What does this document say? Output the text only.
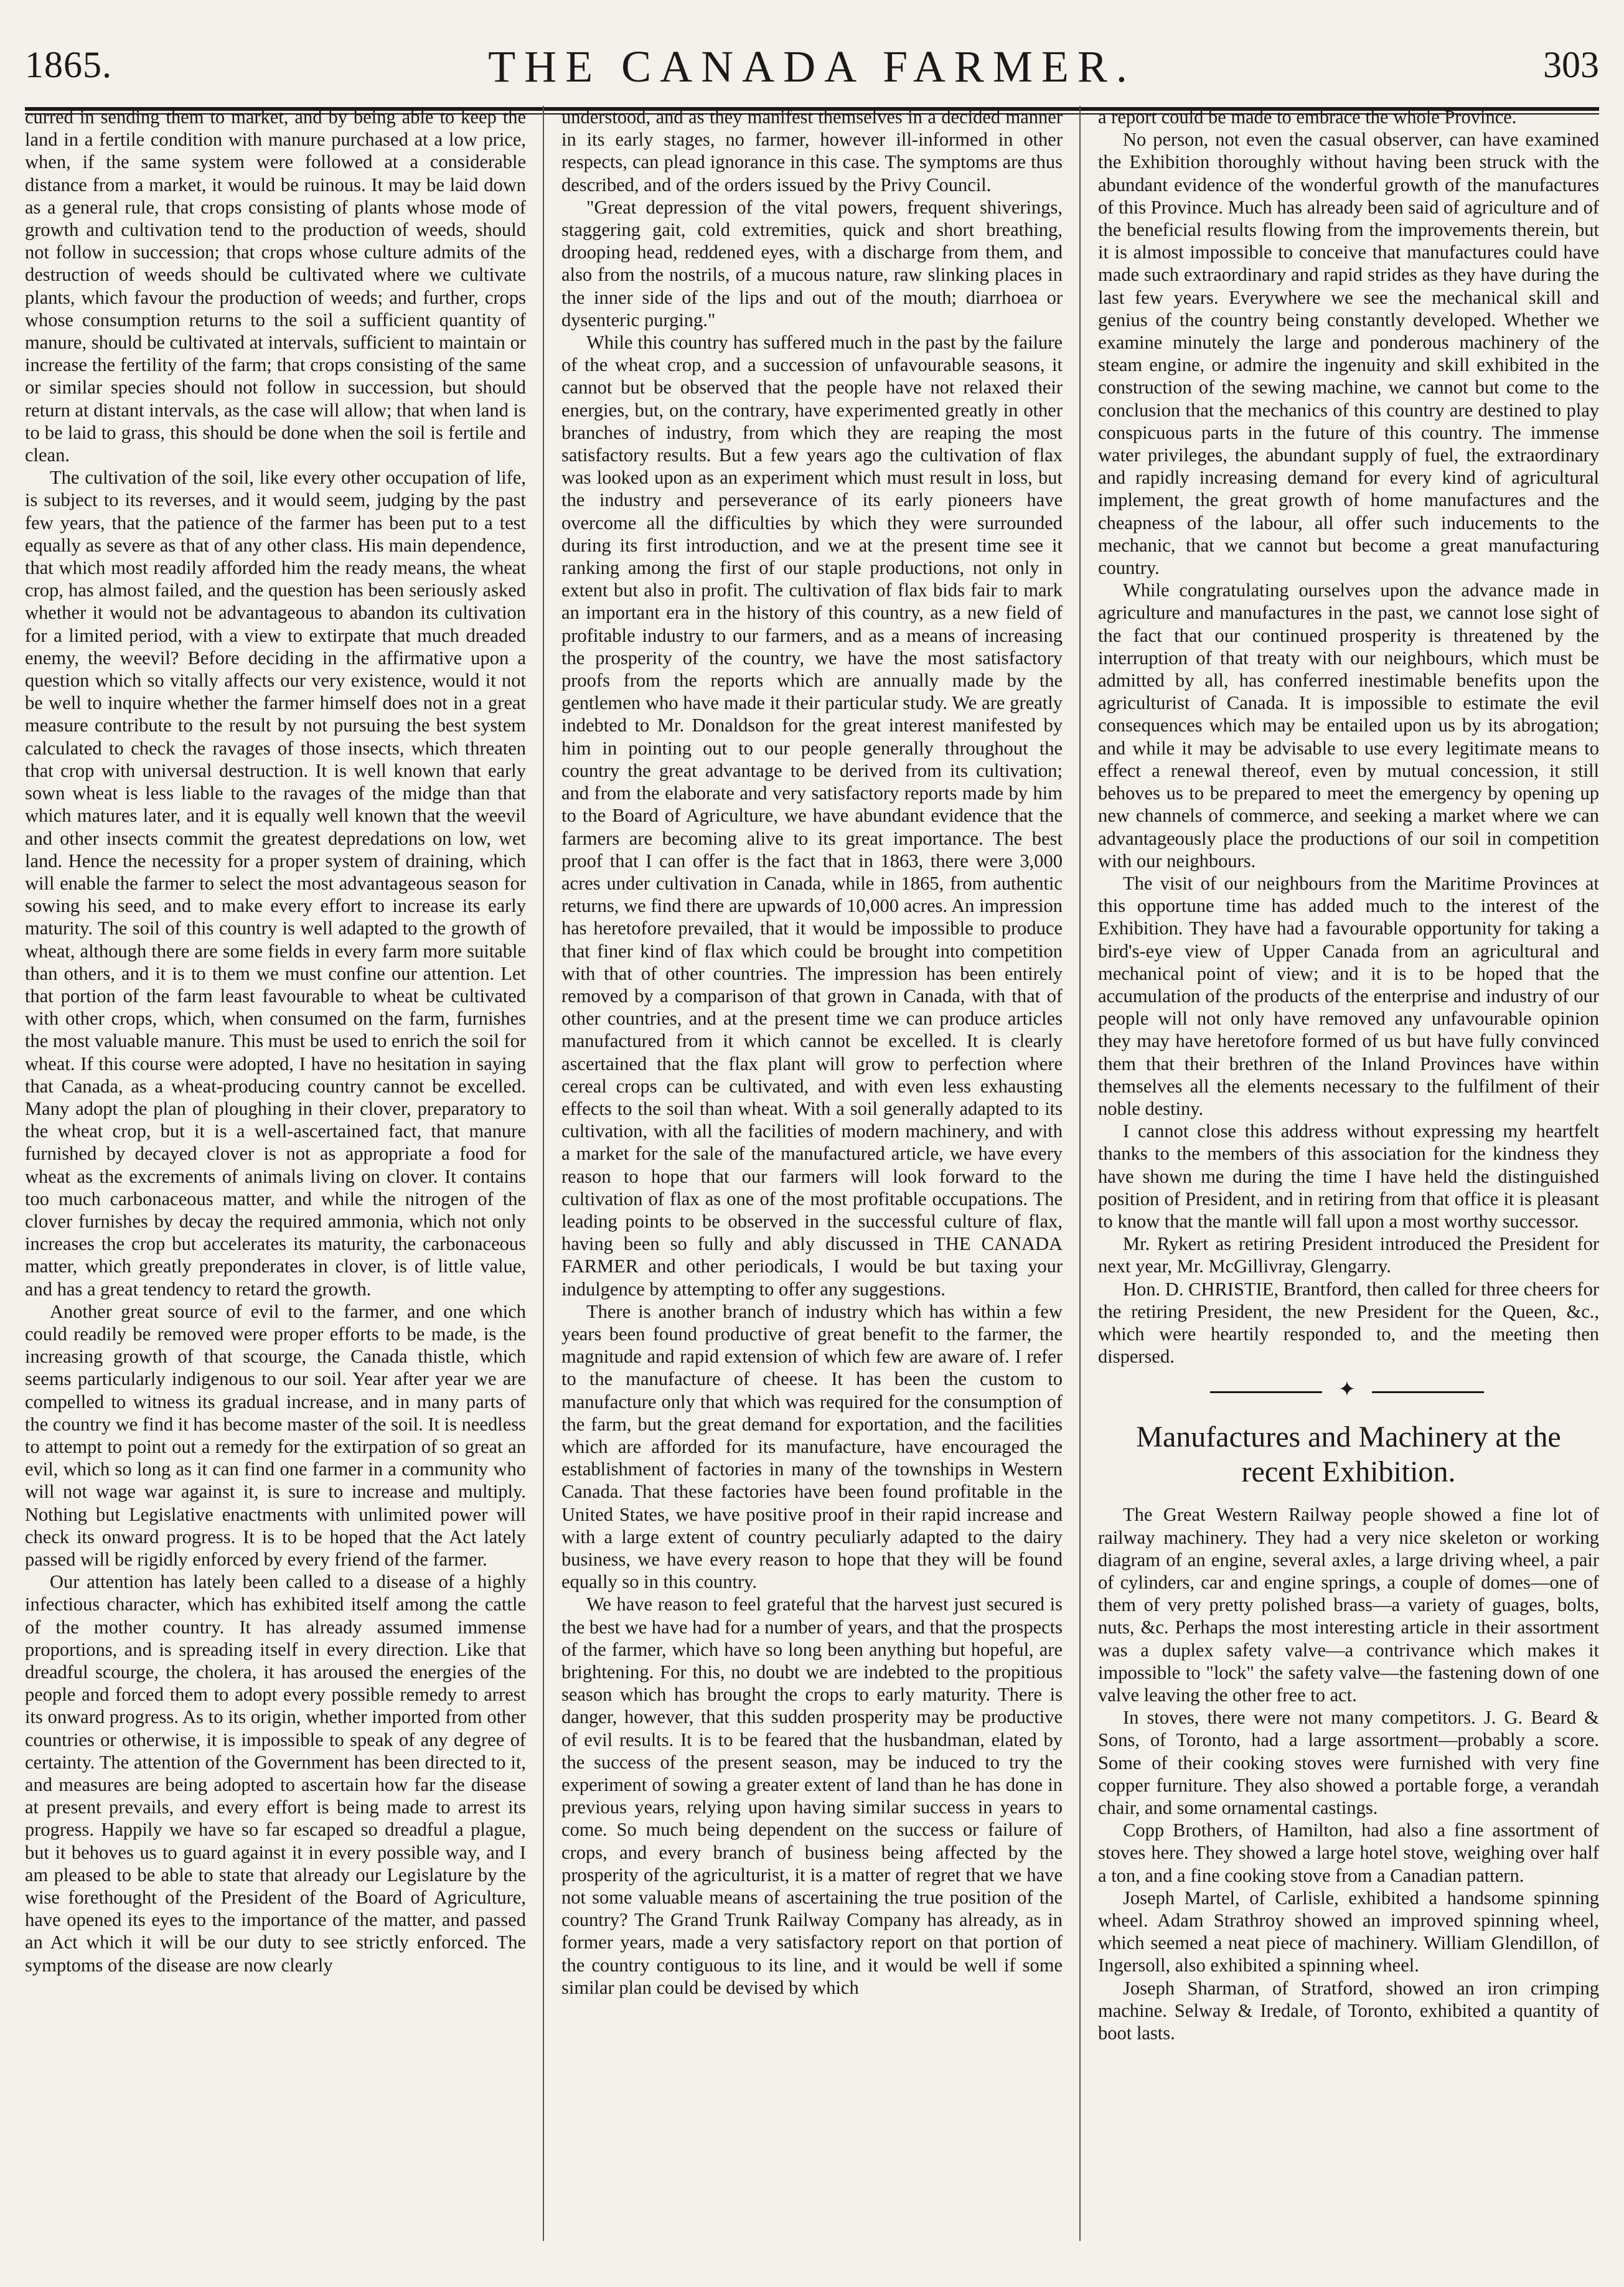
1865.	THE CANADA FARMER.	303

curred in sending them to market, and by being able to keep the land in a fertile condition with manure purchased at a low price, when, if the same system were followed at a considerable distance from a market, it would be ruinous. It may be laid down as a general rule, that crops consisting of plants whose mode of growth and cultivation tend to the production of weeds, should not follow in succession; that crops whose culture admits of the destruction of weeds should be cultivated where we cultivate plants, which favour the production of weeds; and further, crops whose consumption returns to the soil a sufficient quantity of manure, should be cultivated at intervals, sufficient to maintain or increase the fertility of the farm; that crops consisting of the same or similar species should not follow in succession, but should return at distant intervals, as the case will allow; that when land is to be laid to grass, this should be done when the soil is fertile and clean.

The cultivation of the soil, like every other occupation of life, is subject to its reverses, and it would seem, judging by the past few years, that the patience of the farmer has been put to a test equally as severe as that of any other class. His main dependence, that which most readily afforded him the ready means, the wheat crop, has almost failed, and the question has been seriously asked whether it would not be advantageous to abandon its cultivation for a limited period, with a view to extirpate that much dreaded enemy, the weevil? Before deciding in the affirmative upon a question which so vitally affects our very existence, would it not be well to inquire whether the farmer himself does not in a great measure contribute to the result by not pursuing the best system calculated to check the ravages of those insects, which threaten that crop with universal destruction. It is well known that early sown wheat is less liable to the ravages of the midge than that which matures later, and it is equally well known that the weevil and other insects commit the greatest depredations on low, wet land. Hence the necessity for a proper system of draining, which will enable the farmer to select the most advantageous season for sowing his seed, and to make every effort to increase its early maturity. The soil of this country is well adapted to the growth of wheat, although there are some fields in every farm more suitable than others, and it is to them we must confine our attention. Let that portion of the farm least favourable to wheat be cultivated with other crops, which, when consumed on the farm, furnishes the most valuable manure. This must be used to enrich the soil for wheat. If this course were adopted, I have no hesitation in saying that Canada, as a wheat-producing country cannot be excelled. Many adopt the plan of ploughing in their clover, preparatory to the wheat crop, but it is a well-ascertained fact, that manure furnished by decayed clover is not as appropriate a food for wheat as the excrements of animals living on clover. It contains too much carbonaceous matter, and while the nitrogen of the clover furnishes by decay the required ammonia, which not only increases the crop but accelerates its maturity, the carbonaceous matter, which greatly preponderates in clover, is of little value, and has a great tendency to retard the growth.

Another great source of evil to the farmer, and one which could readily be removed were proper efforts to be made, is the increasing growth of that scourge, the Canada thistle, which seems particularly indigenous to our soil. Year after year we are compelled to witness its gradual increase, and in many parts of the country we find it has become master of the soil. It is needless to attempt to point out a remedy for the extirpation of so great an evil, which so long as it can find one farmer in a community who will not wage war against it, is sure to increase and multiply. Nothing but Legislative enactments with unlimited power will check its onward progress. It is to be hoped that the Act lately passed will be rigidly enforced by every friend of the farmer.

Our attention has lately been called to a disease of a highly infectious character, which has exhibited itself among the cattle of the mother country. It has already assumed immense proportions, and is spreading itself in every direction. Like that dreadful scourge, the cholera, it has aroused the energies of the people and forced them to adopt every possible remedy to arrest its onward progress. As to its origin, whether imported from other countries or otherwise, it is impossible to speak of any degree of certainty. The attention of the Government has been directed to it, and measures are being adopted to ascertain how far the disease at present prevails, and every effort is being made to arrest its progress. Happily we have so far escaped so dreadful a plague, but it behoves us to guard against it in every possible way, and I am pleased to be able to state that already our Legislature by the wise forethought of the President of the Board of Agriculture, have opened its eyes to the importance of the matter, and passed an Act which it will be our duty to see strictly enforced. The symptoms of the disease are now clearly

understood, and as they manifest themselves in a decided manner in its early stages, no farmer, however ill-informed in other respects, can plead ignorance in this case. The symptoms are thus described, and of the orders issued by the Privy Council.

"Great depression of the vital powers, frequent shiverings, staggering gait, cold extremities, quick and short breathing, drooping head, reddened eyes, with a discharge from them, and also from the nostrils, of a mucous nature, raw slinking places in the inner side of the lips and out of the mouth; diarrhoea or dysenteric purging."

While this country has suffered much in the past by the failure of the wheat crop, and a succession of unfavourable seasons, it cannot but be observed that the people have not relaxed their energies, but, on the contrary, have experimented greatly in other branches of industry, from which they are reaping the most satisfactory results. But a few years ago the cultivation of flax was looked upon as an experiment which must result in loss, but the industry and perseverance of its early pioneers have overcome all the difficulties by which they were surrounded during its first introduction, and we at the present time see it ranking among the first of our staple productions, not only in extent but also in profit. The cultivation of flax bids fair to mark an important era in the history of this country, as a new field of profitable industry to our farmers, and as a means of increasing the prosperity of the country, we have the most satisfactory proofs from the reports which are annually made by the gentlemen who have made it their particular study. We are greatly indebted to Mr. Donaldson for the great interest manifested by him in pointing out to our people generally throughout the country the great advantage to be derived from its cultivation; and from the elaborate and very satisfactory reports made by him to the Board of Agriculture, we have abundant evidence that the farmers are becoming alive to its great importance. The best proof that I can offer is the fact that in 1863, there were 3,000 acres under cultivation in Canada, while in 1865, from authentic returns, we find there are upwards of 10,000 acres. An impression has heretofore prevailed, that it would be impossible to produce that finer kind of flax which could be brought into competition with that of other countries. The impression has been entirely removed by a comparison of that grown in Canada, with that of other countries, and at the present time we can produce articles manufactured from it which cannot be excelled. It is clearly ascertained that the flax plant will grow to perfection where cereal crops can be cultivated, and with even less exhausting effects to the soil than wheat. With a soil generally adapted to its cultivation, with all the facilities of modern machinery, and with a market for the sale of the manufactured article, we have every reason to hope that our farmers will look forward to the cultivation of flax as one of the most profitable occupations. The leading points to be observed in the successful culture of flax, having been so fully and ably discussed in THE CANADA FARMER and other periodicals, I would be but taxing your indulgence by attempting to offer any suggestions.

There is another branch of industry which has within a few years been found productive of great benefit to the farmer, the magnitude and rapid extension of which few are aware of. I refer to the manufacture of cheese. It has been the custom to manufacture only that which was required for the consumption of the farm, but the great demand for exportation, and the facilities which are afforded for its manufacture, have encouraged the establishment of factories in many of the townships in Western Canada. That these factories have been found profitable in the United States, we have positive proof in their rapid increase and with a large extent of country peculiarly adapted to the dairy business, we have every reason to hope that they will be found equally so in this country.

We have reason to feel grateful that the harvest just secured is the best we have had for a number of years, and that the prospects of the farmer, which have so long been anything but hopeful, are brightening. For this, no doubt we are indebted to the propitious season which has brought the crops to early maturity. There is danger, however, that this sudden prosperity may be productive of evil results. It is to be feared that the husbandman, elated by the success of the present season, may be induced to try the experiment of sowing a greater extent of land than he has done in previous years, relying upon having similar success in years to come. So much being dependent on the success or failure of crops, and every branch of business being affected by the prosperity of the agriculturist, it is a matter of regret that we have not some valuable means of ascertaining the true position of the country? The Grand Trunk Railway Company has already, as in former years, made a very satisfactory report on that portion of the country contiguous to its line, and it would be well if some similar plan could be devised by which

a report could be made to embrace the whole Province.

No person, not even the casual observer, can have examined the Exhibition thoroughly without having been struck with the abundant evidence of the wonderful growth of the manufactures of this Province. Much has already been said of agriculture and of the beneficial results flowing from the improvements therein, but it is almost impossible to conceive that manufactures could have made such extraordinary and rapid strides as they have during the last few years. Everywhere we see the mechanical skill and genius of the country being constantly developed. Whether we examine minutely the large and ponderous machinery of the steam engine, or admire the ingenuity and skill exhibited in the construction of the sewing machine, we cannot but come to the conclusion that the mechanics of this country are destined to play conspicuous parts in the future of this country. The immense water privileges, the abundant supply of fuel, the extraordinary and rapidly increasing demand for every kind of agricultural implement, the great growth of home manufactures and the cheapness of the labour, all offer such inducements to the mechanic, that we cannot but become a great manufacturing country.

While congratulating ourselves upon the advance made in agriculture and manufactures in the past, we cannot lose sight of the fact that our continued prosperity is threatened by the interruption of that treaty with our neighbours, which must be admitted by all, has conferred inestimable benefits upon the agriculturist of Canada. It is impossible to estimate the evil consequences which may be entailed upon us by its abrogation; and while it may be advisable to use every legitimate means to effect a renewal thereof, even by mutual concession, it still behoves us to be prepared to meet the emergency by opening up new channels of commerce, and seeking a market where we can advantageously place the productions of our soil in competition with our neighbours.

The visit of our neighbours from the Maritime Provinces at this opportune time has added much to the interest of the Exhibition. They have had a favourable opportunity for taking a bird's-eye view of Upper Canada from an agricultural and mechanical point of view; and it is to be hoped that the accumulation of the products of the enterprise and industry of our people will not only have removed any unfavourable opinion they may have heretofore formed of us but have fully convinced them that their brethren of the Inland Provinces have within themselves all the elements necessary to the fulfilment of their noble destiny.

I cannot close this address without expressing my heartfelt thanks to the members of this association for the kindness they have shown me during the time I have held the distinguished position of President, and in retiring from that office it is pleasant to know that the mantle will fall upon a most worthy successor.

Mr. Rykert as retiring President introduced the President for next year, Mr. McGillivray, Glengarry.

Hon. D. CHRISTIE, Brantford, then called for three cheers for the retiring President, the new President for the Queen, &c., which were heartily responded to, and the meeting then dispersed.

✦
Manufactures and Machinery at the recent Exhibition.

The Great Western Railway people showed a fine lot of railway machinery. They had a very nice skeleton or working diagram of an engine, several axles, a large driving wheel, a pair of cylinders, car and engine springs, a couple of domes—one of them of very pretty polished brass—a variety of guages, bolts, nuts, &c. Perhaps the most interesting article in their assortment was a duplex safety valve—a contrivance which makes it impossible to "lock" the safety valve—the fastening down of one valve leaving the other free to act.

In stoves, there were not many competitors. J. G. Beard & Sons, of Toronto, had a large assortment—probably a score. Some of their cooking stoves were furnished with very fine copper furniture. They also showed a portable forge, a verandah chair, and some ornamental castings.

Copp Brothers, of Hamilton, had also a fine assortment of stoves here. They showed a large hotel stove, weighing over half a ton, and a fine cooking stove from a Canadian pattern.

Joseph Martel, of Carlisle, exhibited a handsome spinning wheel. Adam Strathroy showed an improved spinning wheel, which seemed a neat piece of machinery. William Glendillon, of Ingersoll, also exhibited a spinning wheel.

Joseph Sharman, of Stratford, showed an iron crimping machine. Selway & Iredale, of Toronto, exhibited a quantity of boot lasts.
